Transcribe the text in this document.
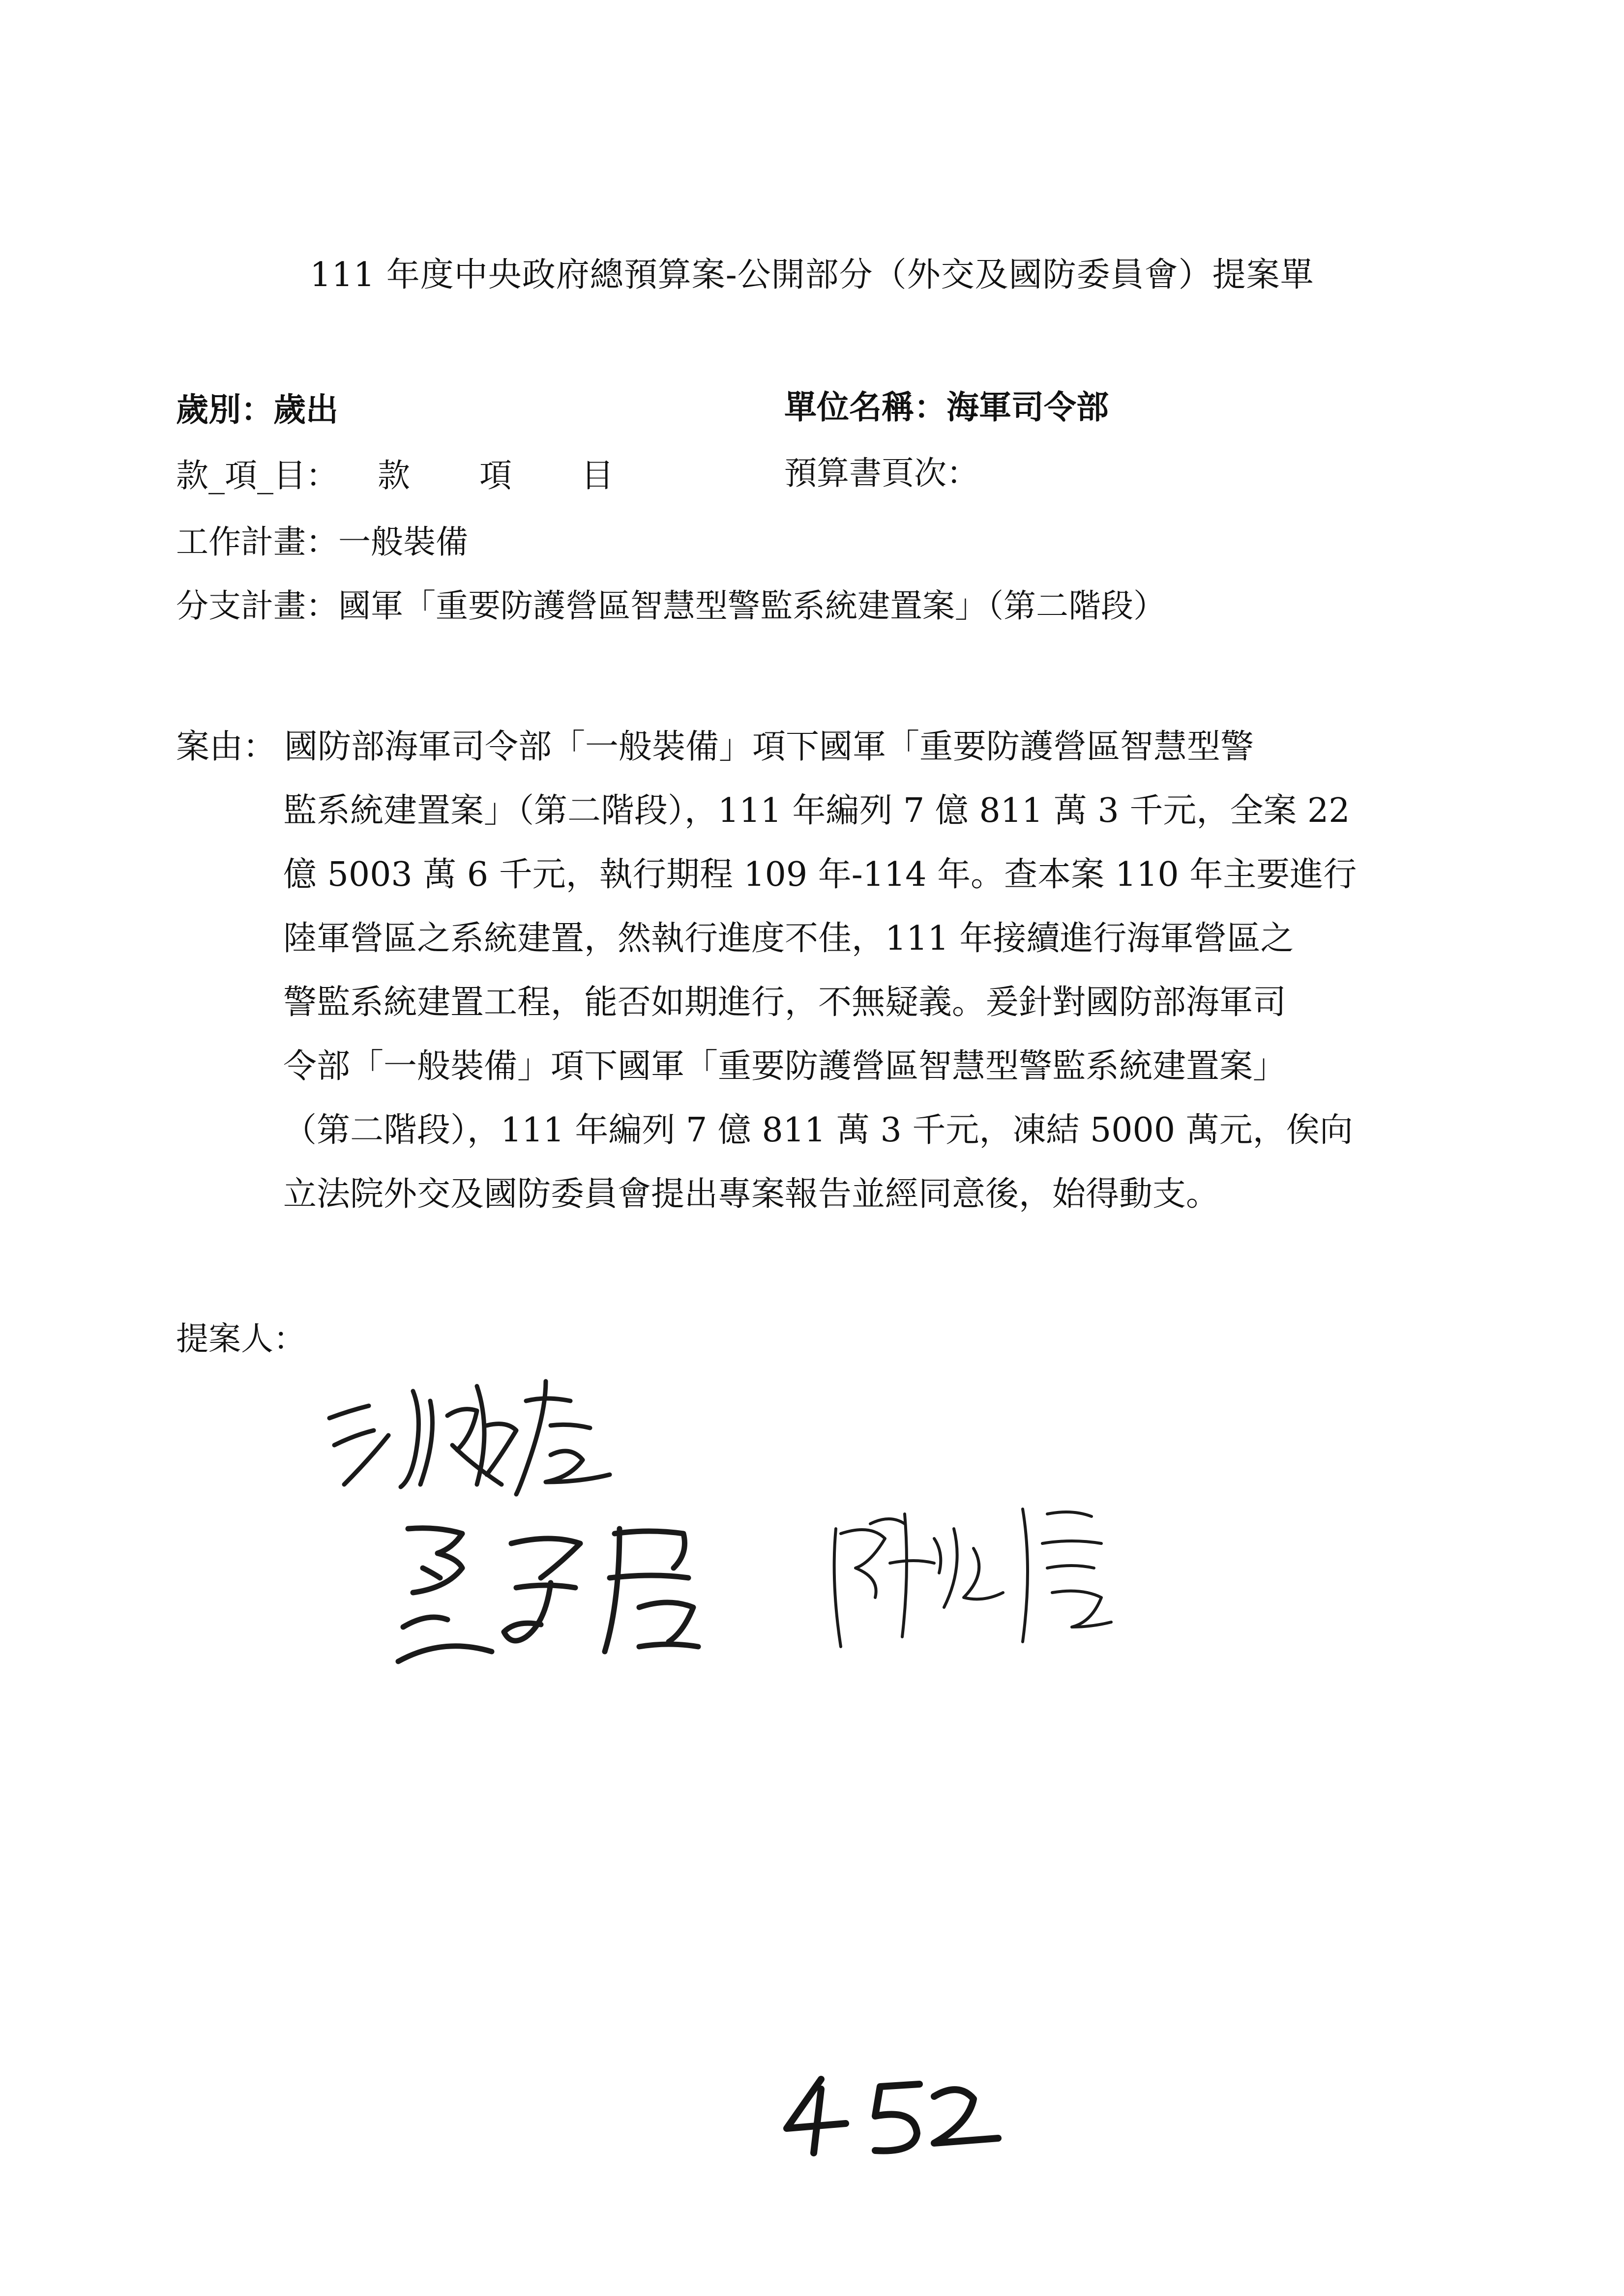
111 年度中央政府總預算案-公開部分（外交及國防委員會）提案單
歲別：歲出	單位名稱：海軍司令部
款_項_目： 款 項 目	預算書頁次：
工作計畫：一般裝備
分支計畫：國軍「重要防護營區智慧型警監系統建置案」（第二階段）
案由： 國防部海軍司令部「一般裝備」項下國軍「重要防護營區智慧型警
監系統建置案」（第二階段），111 年編列 7 億 811 萬 3 千元，全案 22
億 5003 萬 6 千元，執行期程 109 年-114 年。查本案 110 年主要進行
陸軍營區之系統建置，然執行進度不佳，111 年接續進行海軍營區之
警監系統建置工程，能否如期進行，不無疑義。爰針對國防部海軍司
令部「一般裝備」項下國軍「重要防護營區智慧型警監系統建置案」
（第二階段），111 年編列 7 億 811 萬 3 千元，凍結 5000 萬元，俟向
立法院外交及國防委員會提出專案報告並經同意後，始得動支。
提案人：
